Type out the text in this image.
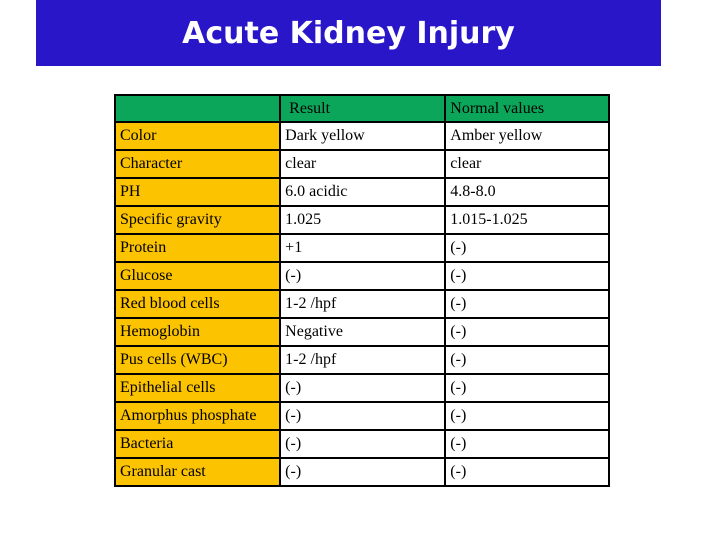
Acute Kidney Injury
	Result	Normal values
Color	Dark yellow	Amber yellow
Character	clear	clear
PH	6.0 acidic	4.8-8.0
Specific gravity	1.025	1.015-1.025
Protein	+1	(-)
Glucose	(-)	(-)
Red blood cells	1-2 /hpf	(-)
Hemoglobin	Negative	(-)
Pus cells (WBC)	1-2 /hpf	(-)
Epithelial cells	(-)	(-)
Amorphus phosphate	(-)	(-)
Bacteria	(-)	(-)
Granular cast	(-)	(-)
